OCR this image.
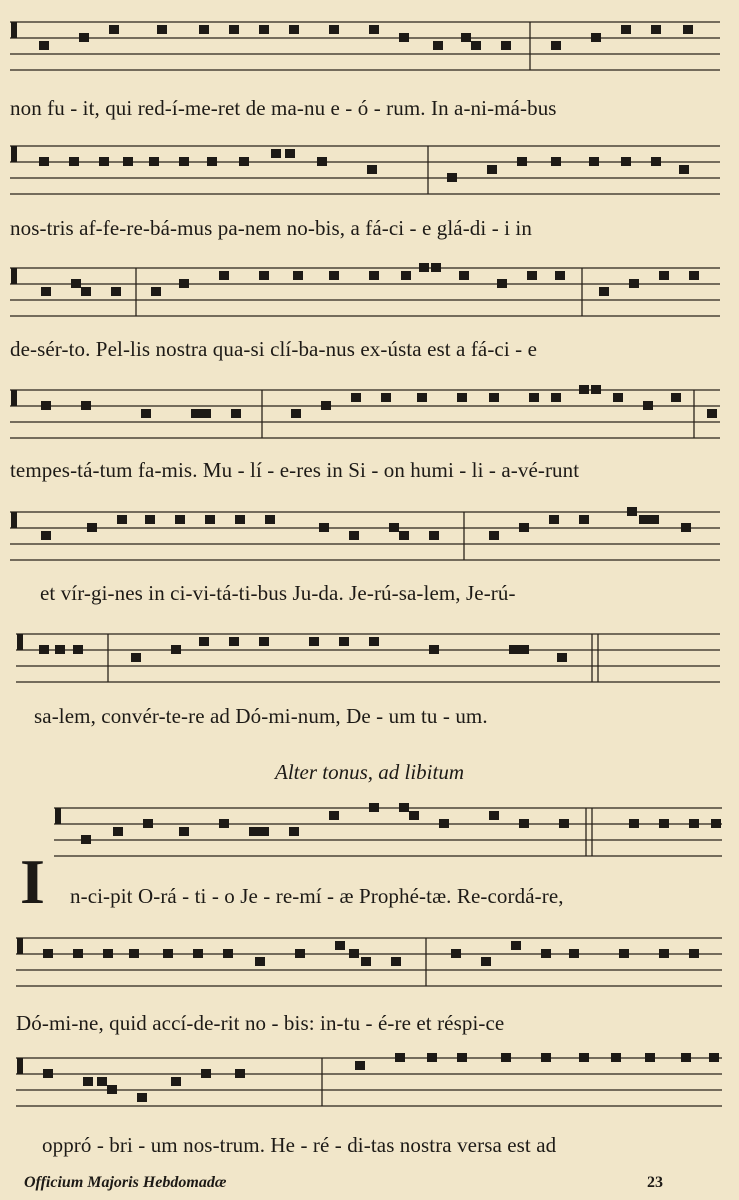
non fu - it, qui red-í-me-ret de ma-nu e - ó - rum. In a-ni-má-bus
nos-tris af-fe-re-bá-mus pa-nem no-bis, a fá-ci - e glá-di - i in
de-sér-to. Pel-lis nostra qua-si clí-ba-nus ex-ústa est a fá-ci - e
tempes-tá-tum fa-mis. Mu - lí - e-res in Si - on humi - li - a-vé-runt
et vír-gi-nes in ci-vi-tá-ti-bus Ju-da. Je-rú-sa-lem, Je-rú-
sa-lem, convér-te-re ad Dó-mi-num, De - um tu - um.
Alter tonus, ad libitum
I n-ci-pit O-rá - ti - o Je - re-mí - æ Prophé-tæ. Re-cordá-re,
Dó-mi-ne, quid accí-de-rit no - bis: in-tu - é-re et réspi-ce
oppró - bri - um nos-trum. He - ré - di-tas nostra versa est ad
Officium Majoris Hebdomadæ	23
